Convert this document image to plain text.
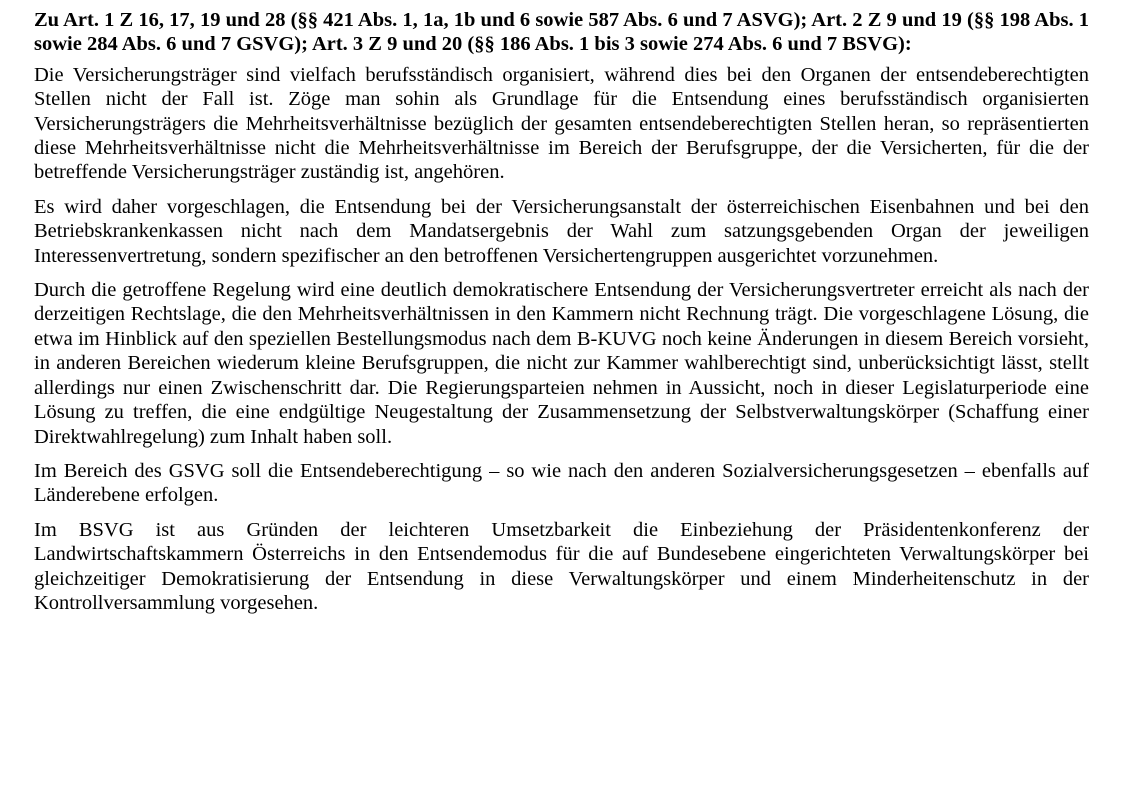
Zu Art. 1 Z 16, 17, 19 und 28 (§§ 421 Abs. 1, 1a, 1b und 6 sowie 587 Abs. 6 und 7 ASVG); Art. 2 Z 9 und 19 (§§ 198 Abs. 1 sowie 284 Abs. 6 und 7 GSVG); Art. 3 Z 9 und 20 (§§ 186 Abs. 1 bis 3 sowie 274 Abs. 6 und 7 BSVG):

Die Versicherungsträger sind vielfach berufsständisch organisiert, während dies bei den Organen der entsendeberechtigten Stellen nicht der Fall ist. Zöge man sohin als Grundlage für die Entsendung eines berufsständisch organisierten Versicherungsträgers die Mehrheitsverhältnisse bezüglich der gesamten entsendeberechtigten Stellen heran, so repräsentierten diese Mehrheitsverhältnisse nicht die Mehrheitsverhältnisse im Bereich der Berufsgruppe, der die Versicherten, für die der betreffende Versicherungsträger zuständig ist, angehören.

Es wird daher vorgeschlagen, die Entsendung bei der Versicherungsanstalt der österreichischen Eisenbahnen und bei den Betriebskrankenkassen nicht nach dem Mandatsergebnis der Wahl zum satzungsgebenden Organ der jeweiligen Interessenvertretung, sondern spezifischer an den betroffenen Versichertengruppen ausgerichtet vorzunehmen.

Durch die getroffene Regelung wird eine deutlich demokratischere Entsendung der Versicherungsvertreter erreicht als nach der derzeitigen Rechtslage, die den Mehrheitsverhältnissen in den Kammern nicht Rechnung trägt. Die vorgeschlagene Lösung, die etwa im Hinblick auf den speziellen Bestellungsmodus nach dem B-KUVG noch keine Änderungen in diesem Bereich vorsieht, in anderen Bereichen wiederum kleine Berufsgruppen, die nicht zur Kammer wahlberechtigt sind, unberücksichtigt lässt, stellt allerdings nur einen Zwischenschritt dar. Die Regierungsparteien nehmen in Aussicht, noch in dieser Legislaturperiode eine Lösung zu treffen, die eine endgültige Neugestaltung der Zusammensetzung der Selbstverwaltungskörper (Schaffung einer Direktwahlregelung) zum Inhalt haben soll.

Im Bereich des GSVG soll die Entsendeberechtigung – so wie nach den anderen Sozialversicherungsgesetzen – ebenfalls auf Länderebene erfolgen.

Im BSVG ist aus Gründen der leichteren Umsetzbarkeit die Einbeziehung der Präsidentenkonferenz der Landwirtschaftskammern Österreichs in den Entsendemodus für die auf Bundesebene eingerichteten Verwaltungskörper bei gleichzeitiger Demokratisierung der Entsendung in diese Verwaltungskörper und einem Minderheitenschutz in der Kontrollversammlung vorgesehen.
